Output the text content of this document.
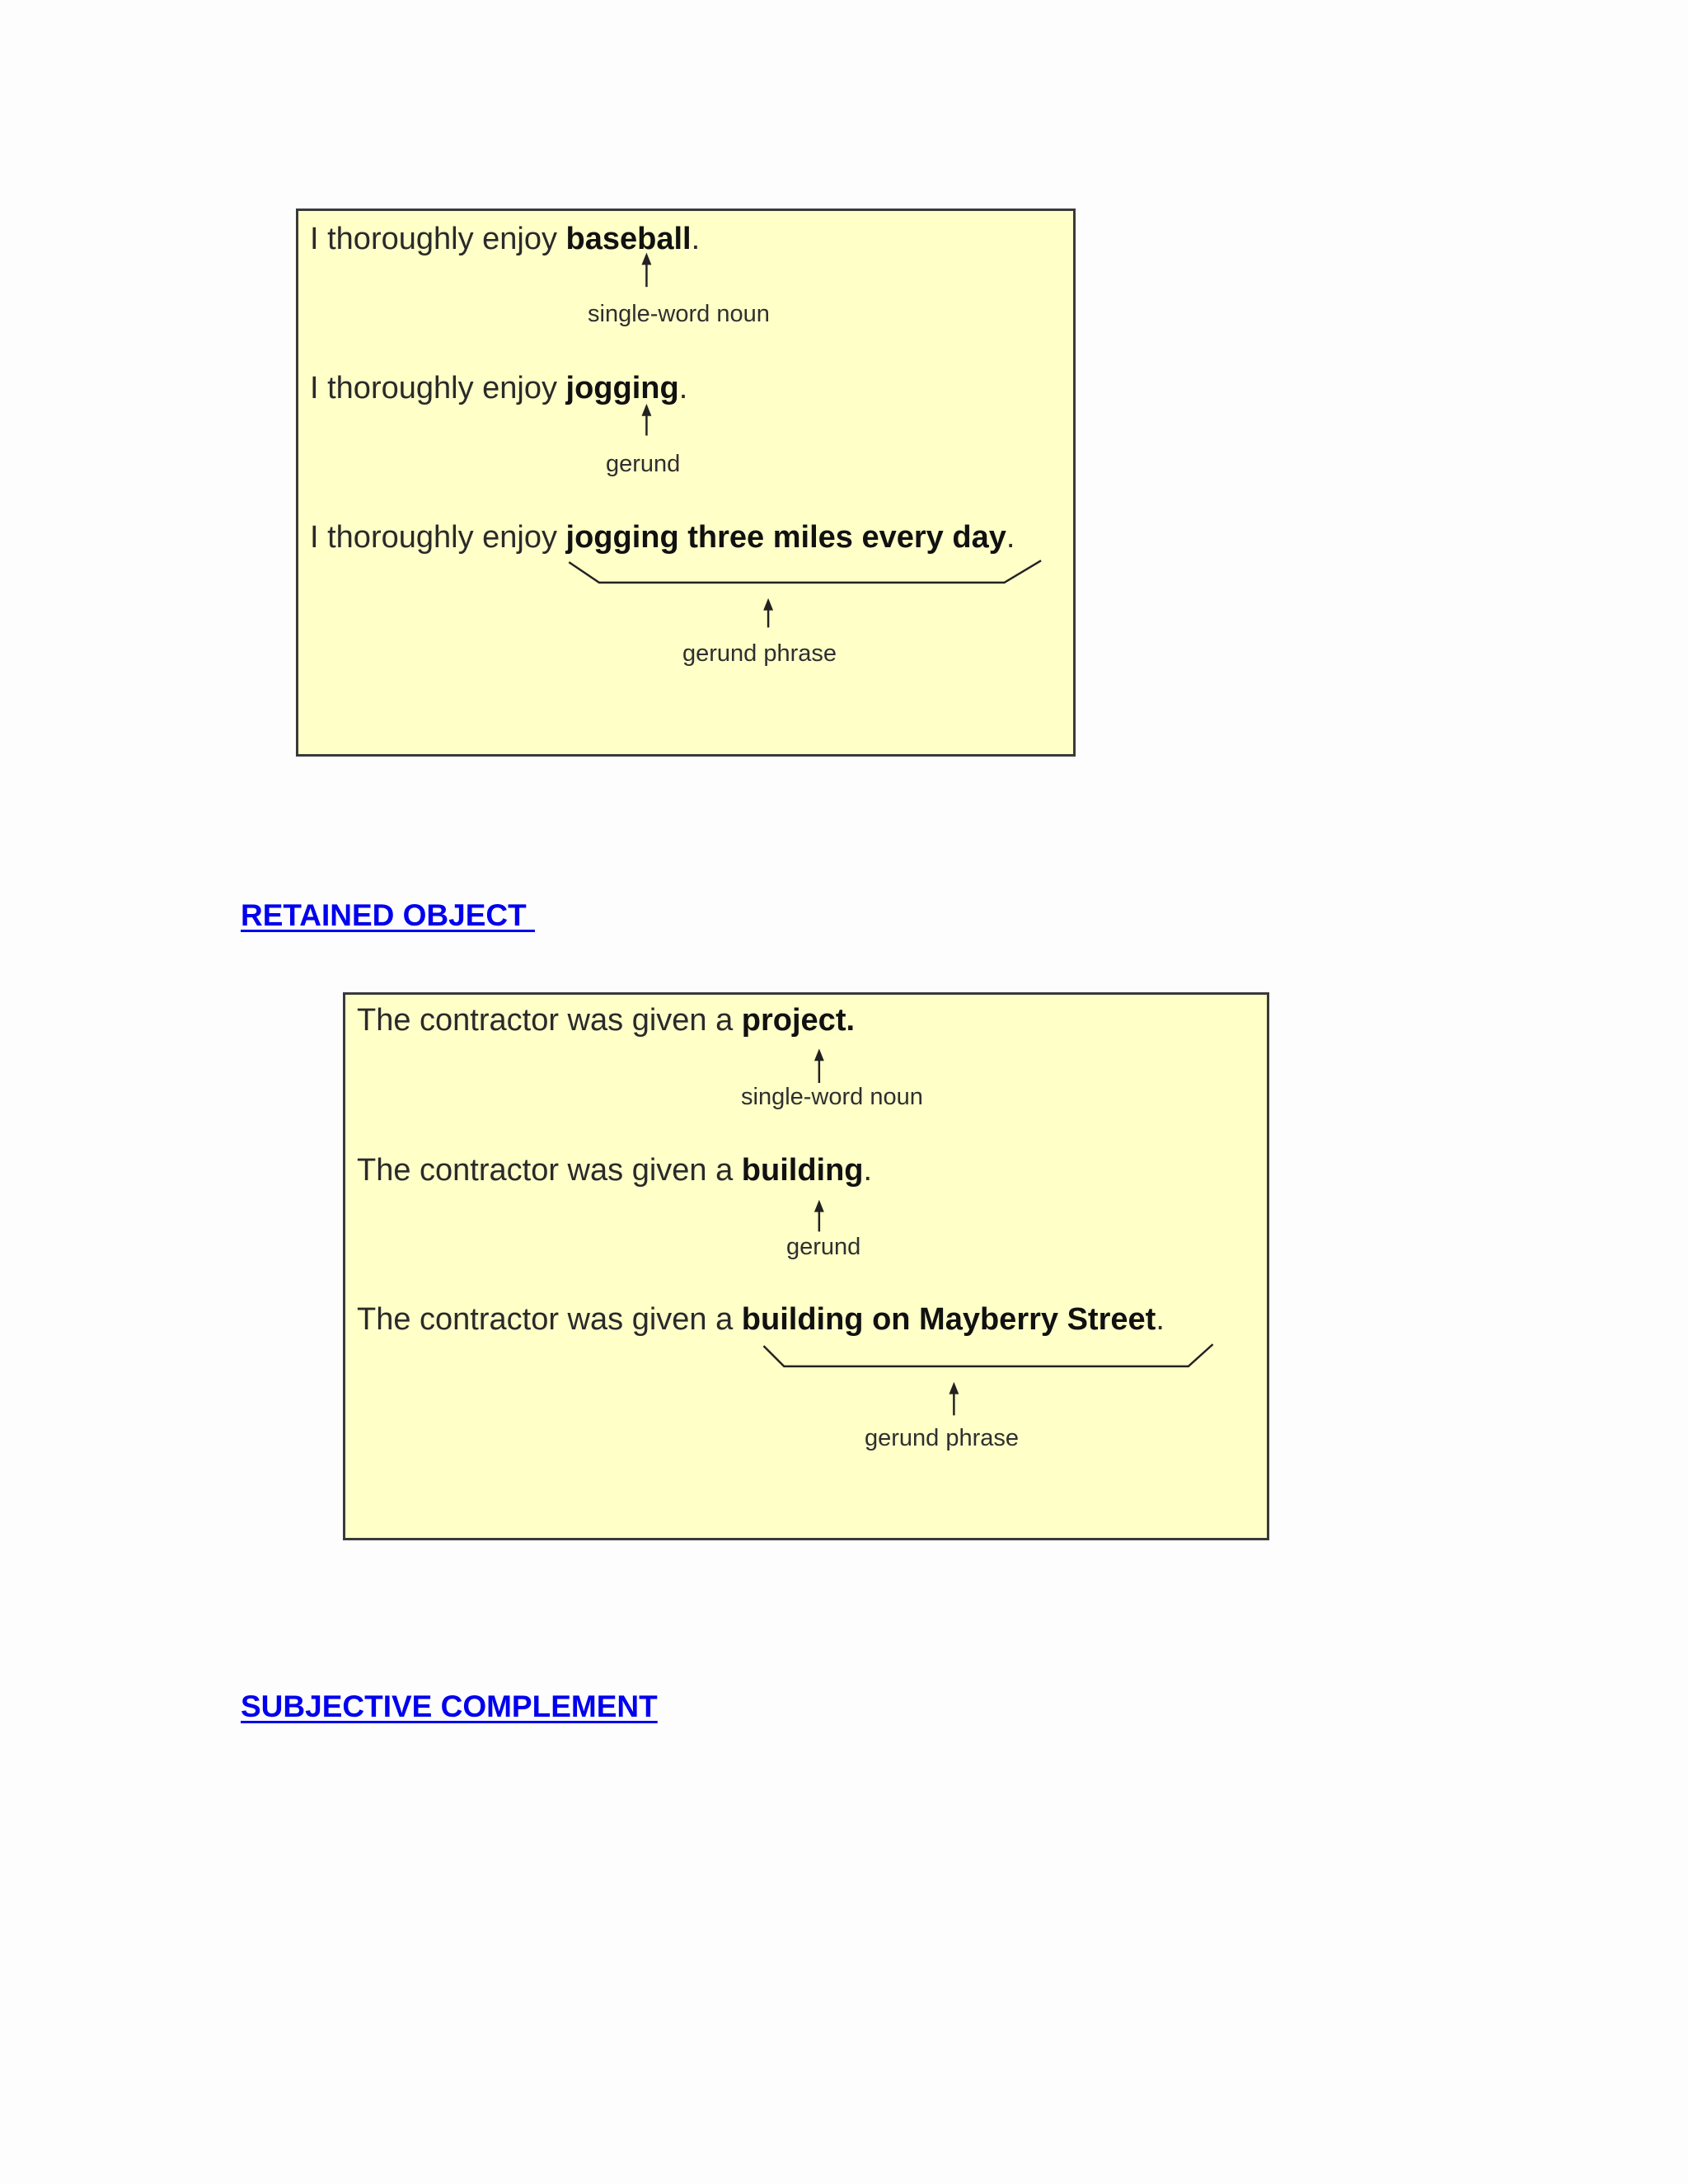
I thoroughly enjoy baseball.
single-word noun
I thoroughly enjoy jogging.
gerund
I thoroughly enjoy jogging three miles every day.
gerund phrase
RETAINED OBJECT
The contractor was given a project.
single-word noun
The contractor was given a building.
gerund
The contractor was given a building on Mayberry Street.
gerund phrase
SUBJECTIVE COMPLEMENT
